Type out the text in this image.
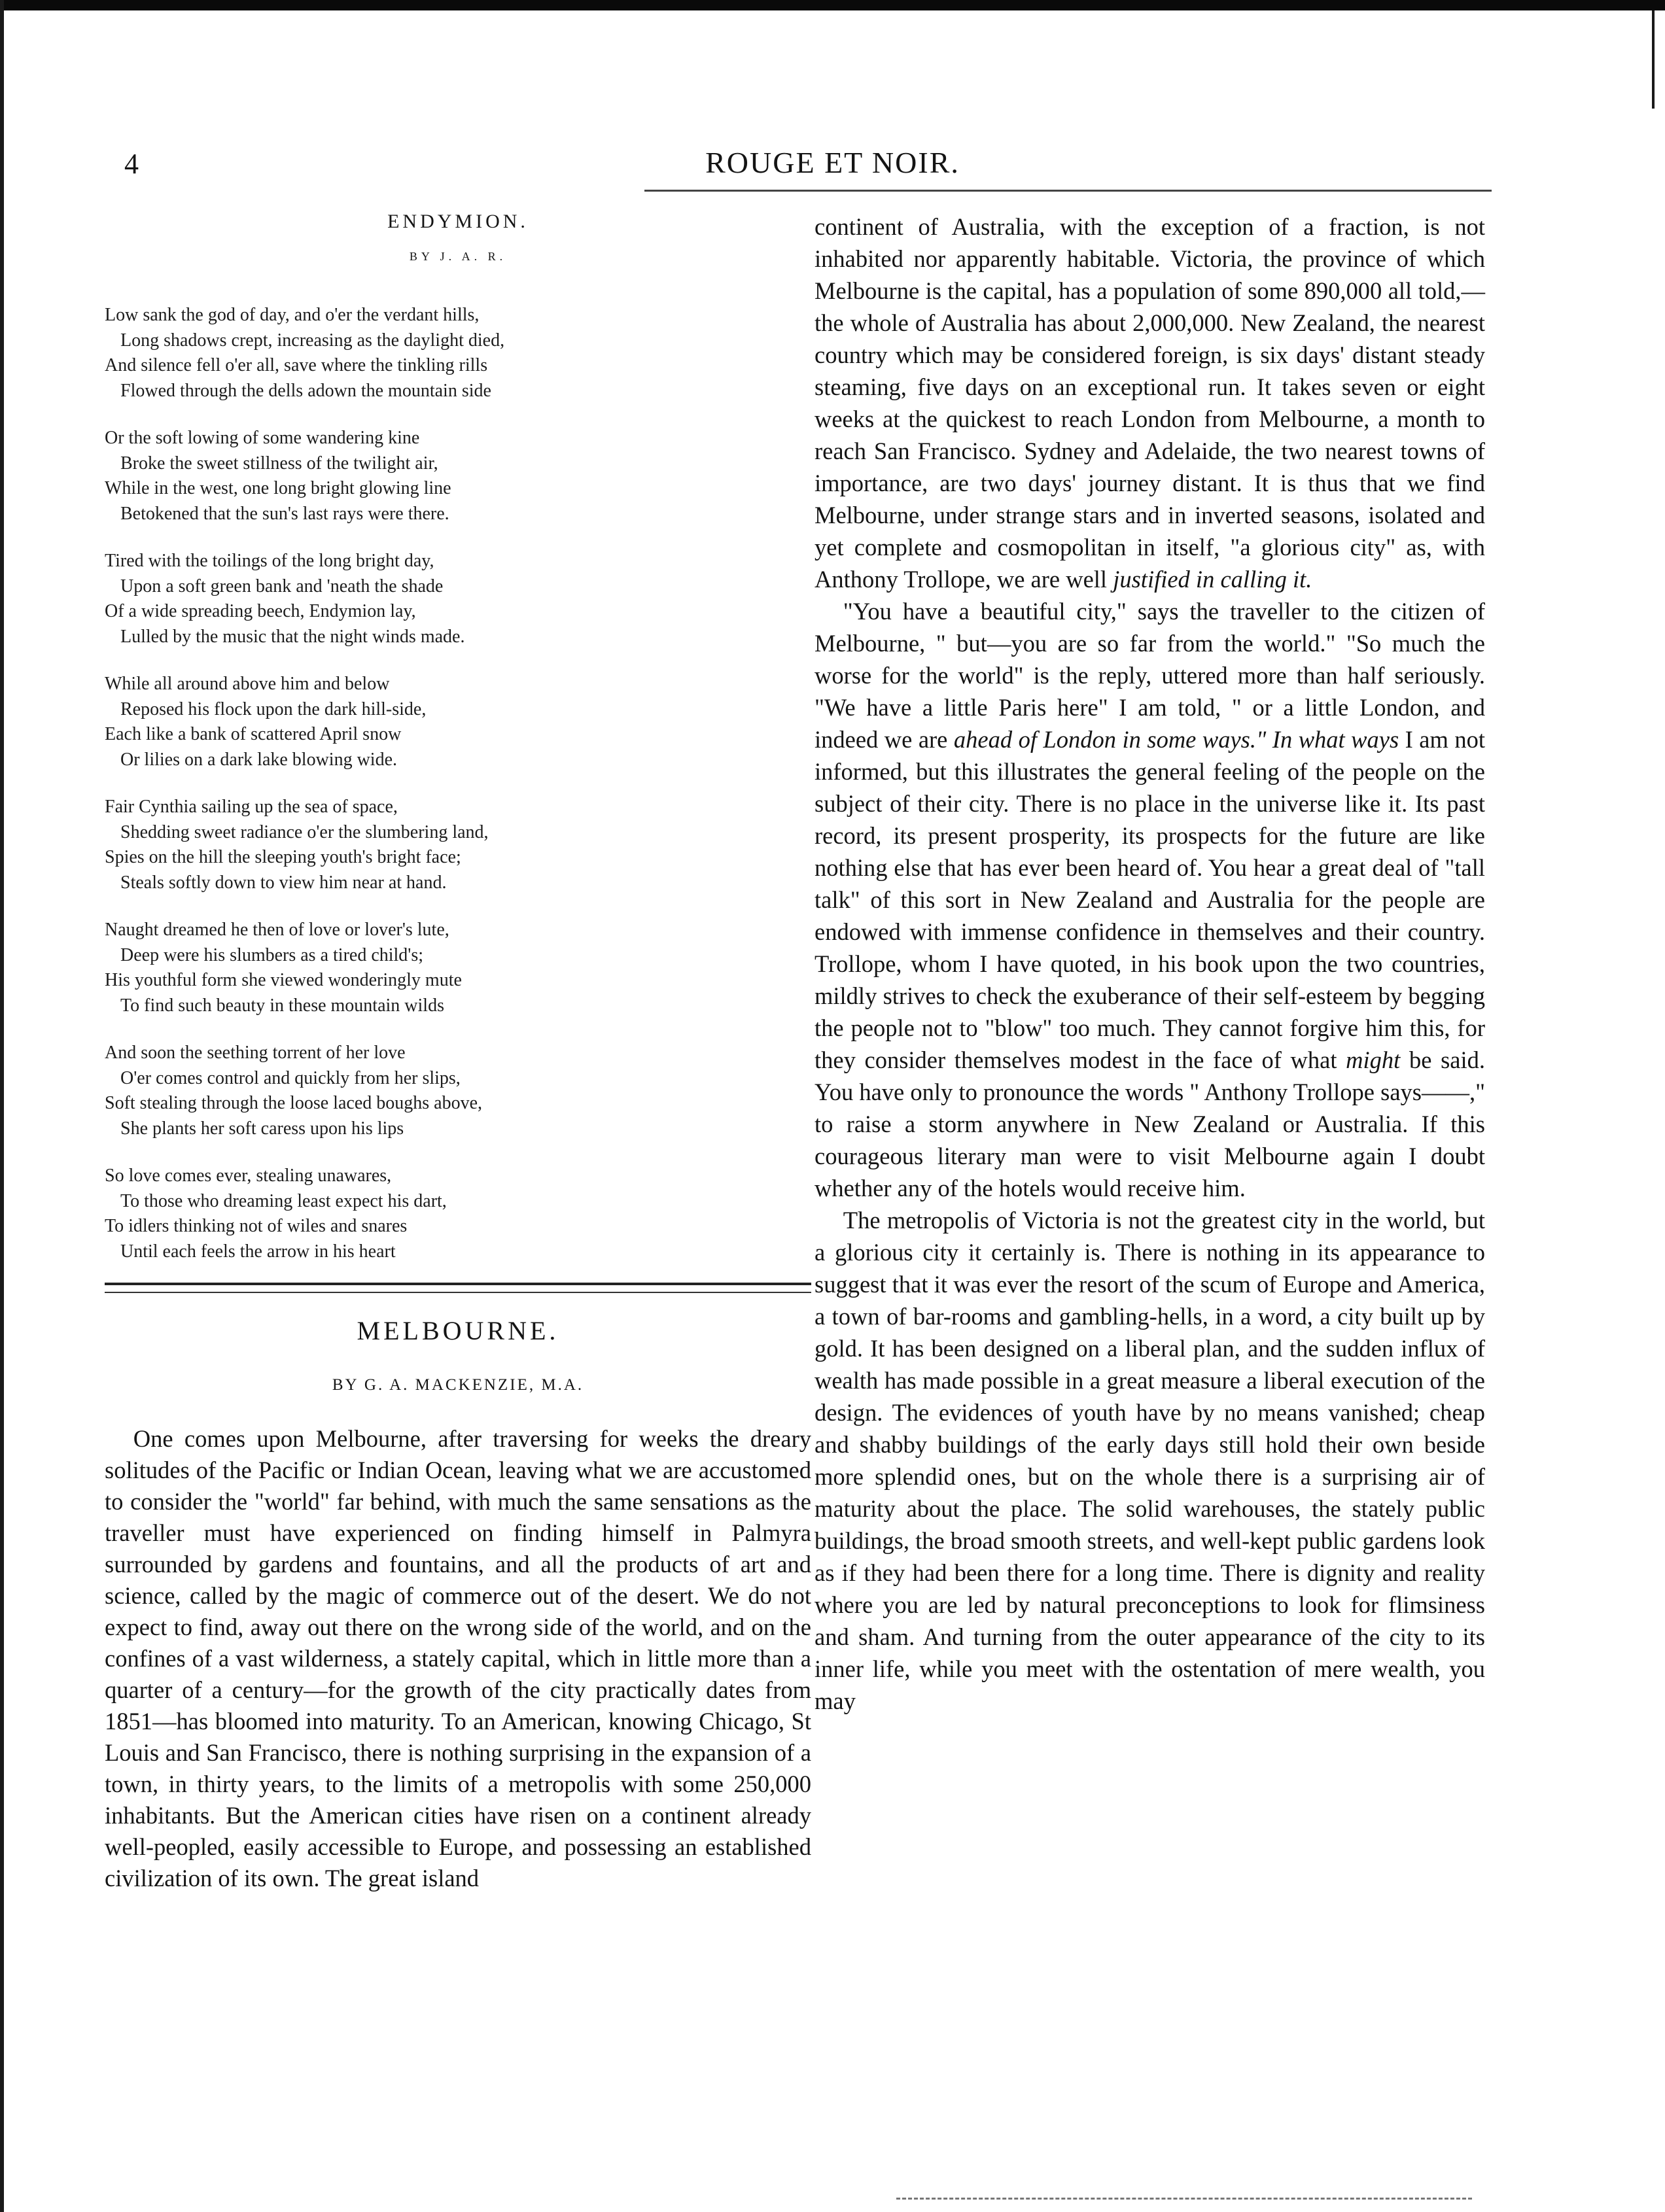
4	ROUGE ET NOIR.
ENDYMION.
BY J. A. R.
Low sank the god of day, and o'er the verdant hills,
Long shadows crept, increasing as the daylight died,
And silence fell o'er all, save where the tinkling rills
Flowed through the dells adown the mountain side
Or the soft lowing of some wandering kine
Broke the sweet stillness of the twilight air,
While in the west, one long bright glowing line
Betokened that the sun's last rays were there.
Tired with the toilings of the long bright day,
Upon a soft green bank and 'neath the shade
Of a wide spreading beech, Endymion lay,
Lulled by the music that the night winds made.
While all around above him and below
Reposed his flock upon the dark hill-side,
Each like a bank of scattered April snow
Or lilies on a dark lake blowing wide.
Fair Cynthia sailing up the sea of space,
Shedding sweet radiance o'er the slumbering land,
Spies on the hill the sleeping youth's bright face;
Steals softly down to view him near at hand.
Naught dreamed he then of love or lover's lute,
Deep were his slumbers as a tired child's;
His youthful form she viewed wonderingly mute
To find such beauty in these mountain wilds
And soon the seething torrent of her love
O'er comes control and quickly from her slips,
Soft stealing through the loose laced boughs above,
She plants her soft caress upon his lips
So love comes ever, stealing unawares,
To those who dreaming least expect his dart,
To idlers thinking not of wiles and snares
Until each feels the arrow in his heart
MELBOURNE.
BY G. A. MACKENZIE, M.A.

One comes upon Melbourne, after traversing for weeks the dreary solitudes of the Pacific or Indian Ocean, leaving what we are accustomed to consider the "world" far behind, with much the same sensations as the traveller must have experienced on finding himself in Palmyra surrounded by gardens and fountains, and all the products of art and science, called by the magic of commerce out of the desert. We do not expect to find, away out there on the wrong side of the world, and on the confines of a vast wilderness, a stately capital, which in little more than a quarter of a century—for the growth of the city practically dates from 1851—has bloomed into maturity. To an American, knowing Chicago, St Louis and San Francisco, there is nothing surprising in the expansion of a town, in thirty years, to the limits of a metropolis with some 250,000 inhabitants. But the American cities have risen on a continent already well-peopled, easily accessible to Europe, and possessing an established civilization of its own. The great island

continent of Australia, with the exception of a fraction, is not inhabited nor apparently habitable. Victoria, the province of which Melbourne is the capital, has a population of some 890,000 all told,—the whole of Australia has about 2,000,000. New Zealand, the nearest country which may be considered foreign, is six days' distant steady steaming, five days on an exceptional run. It takes seven or eight weeks at the quickest to reach London from Melbourne, a month to reach San Francisco. Sydney and Adelaide, the two nearest towns of importance, are two days' journey distant. It is thus that we find Melbourne, under strange stars and in inverted seasons, isolated and yet complete and cosmopolitan in itself, "a glorious city" as, with Anthony Trollope, we are well justified in calling it.

"You have a beautiful city," says the traveller to the citizen of Melbourne, " but—you are so far from the world." "So much the worse for the world" is the reply, uttered more than half seriously. "We have a little Paris here" I am told, " or a little London, and indeed we are ahead of London in some ways." In what ways I am not informed, but this illustrates the general feeling of the people on the subject of their city. There is no place in the universe like it. Its past record, its present prosperity, its prospects for the future are like nothing else that has ever been heard of. You hear a great deal of "tall talk" of this sort in New Zealand and Australia for the people are endowed with immense confidence in themselves and their country. Trollope, whom I have quoted, in his book upon the two countries, mildly strives to check the exuberance of their self-esteem by begging the people not to "blow" too much. They cannot forgive him this, for they consider themselves modest in the face of what might be said. You have only to pronounce the words " Anthony Trollope says——," to raise a storm anywhere in New Zealand or Australia. If this courageous literary man were to visit Melbourne again I doubt whether any of the hotels would receive him.

The metropolis of Victoria is not the greatest city in the world, but a glorious city it certainly is. There is nothing in its appearance to suggest that it was ever the resort of the scum of Europe and America, a town of bar-rooms and gambling-hells, in a word, a city built up by gold. It has been designed on a liberal plan, and the sudden influx of wealth has made possible in a great measure a liberal execution of the design. The evidences of youth have by no means vanished; cheap and shabby buildings of the early days still hold their own beside more splendid ones, but on the whole there is a surprising air of maturity about the place. The solid warehouses, the stately public buildings, the broad smooth streets, and well-kept public gardens look as if they had been there for a long time. There is dignity and reality where you are led by natural preconceptions to look for flimsiness and sham. And turning from the outer appearance of the city to its inner life, while you meet with the ostentation of mere wealth, you may
